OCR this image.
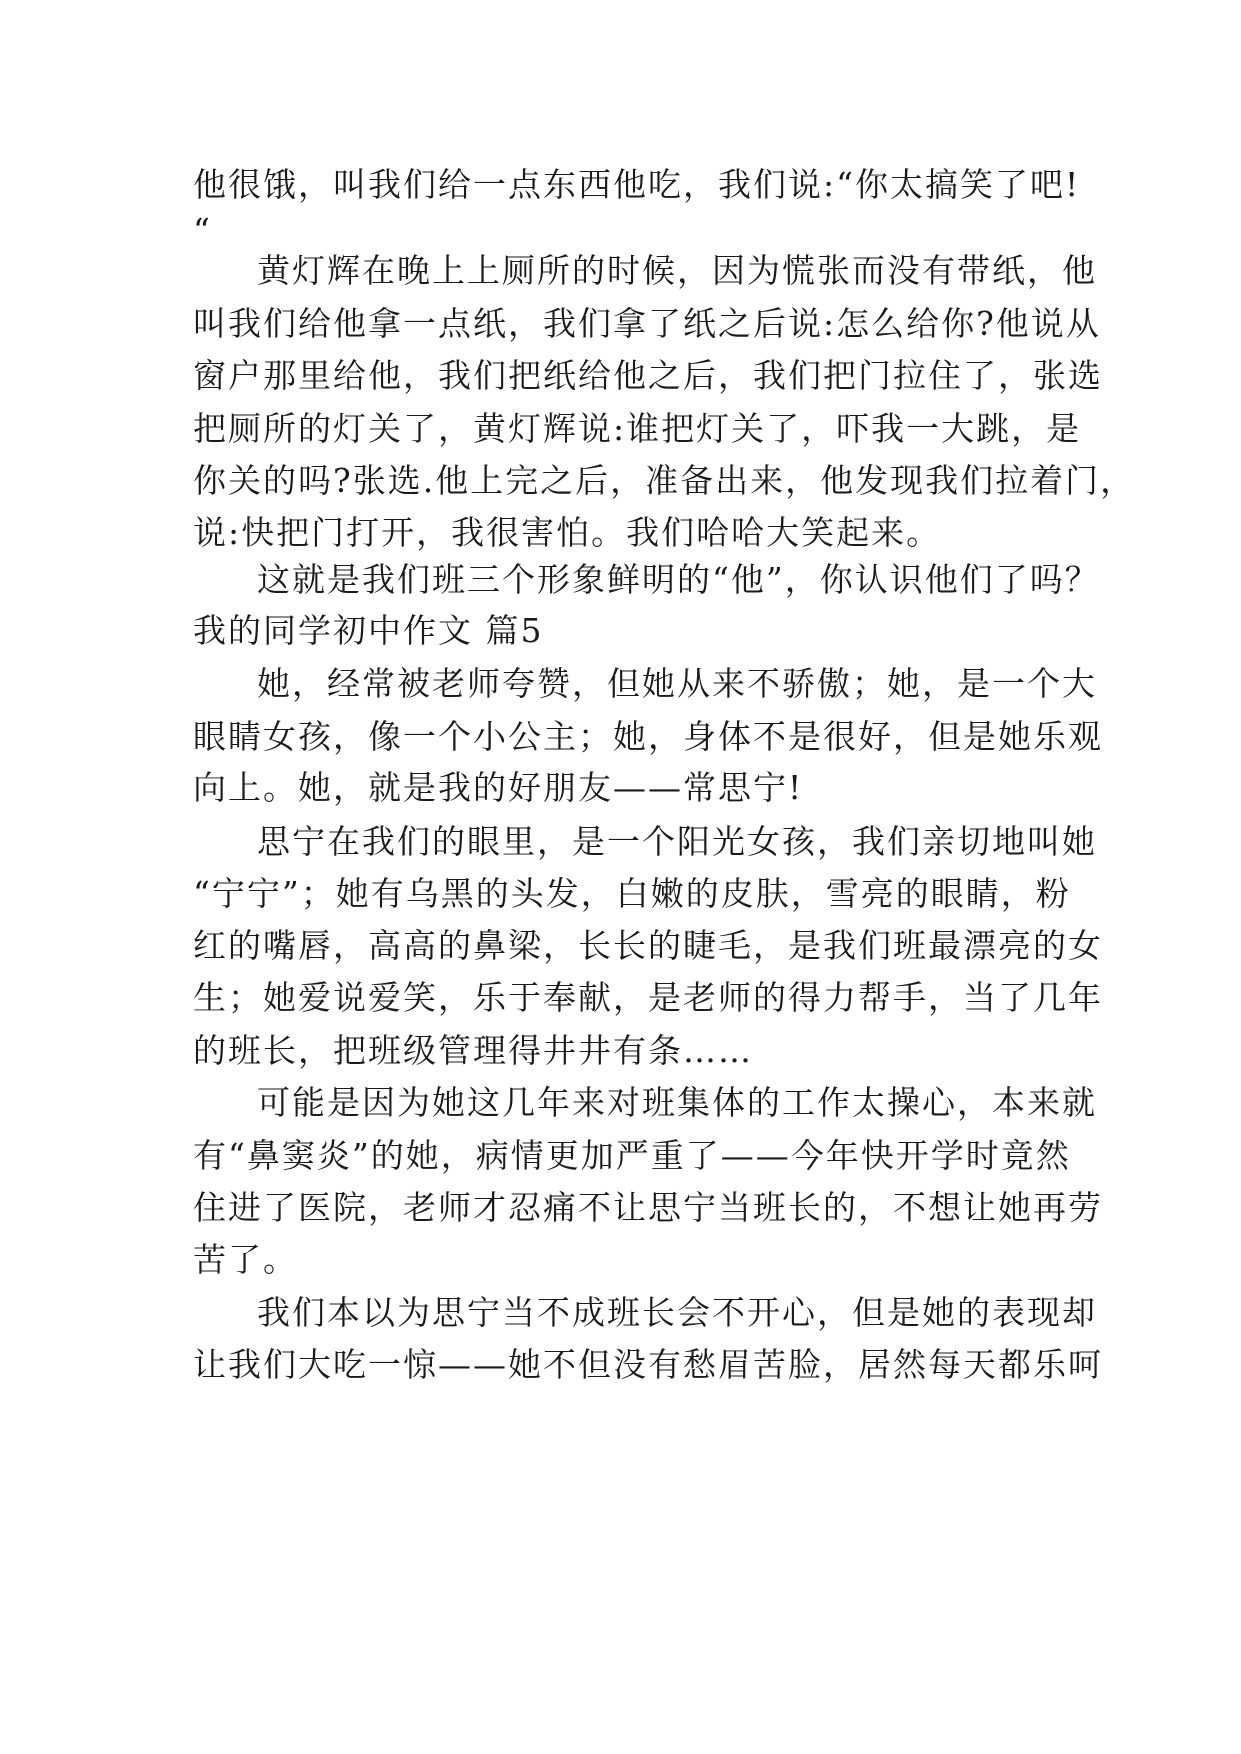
他很饿，叫我们给一点东西他吃，我们说:“你太搞笑了吧!
“
黄灯辉在晚上上厕所的时候，因为慌张而没有带纸，他
叫我们给他拿一点纸，我们拿了纸之后说:怎么给你?他说从
窗户那里给他，我们把纸给他之后，我们把门拉住了，张选
把厕所的灯关了，黄灯辉说:谁把灯关了，吓我一大跳，是
你关的吗?张选.他上完之后，准备出来，他发现我们拉着门，
说:快把门打开，我很害怕。我们哈哈大笑起来。
这就是我们班三个形象鲜明的“他”，你认识他们了吗？
我的同学初中作文 篇5
她，经常被老师夸赞，但她从来不骄傲；她，是一个大
眼睛女孩，像一个小公主；她，身体不是很好，但是她乐观
向上。她，就是我的好朋友——常思宁!
思宁在我们的眼里，是一个阳光女孩，我们亲切地叫她
“宁宁”；她有乌黑的头发，白嫩的皮肤，雪亮的眼睛，粉
红的嘴唇，高高的鼻梁，长长的睫毛，是我们班最漂亮的女
生；她爱说爱笑，乐于奉献，是老师的得力帮手，当了几年
的班长，把班级管理得井井有条……
可能是因为她这几年来对班集体的工作太操心，本来就
有“鼻窦炎”的她，病情更加严重了——今年快开学时竟然
住进了医院，老师才忍痛不让思宁当班长的，不想让她再劳
苦了。
我们本以为思宁当不成班长会不开心，但是她的表现却
让我们大吃一惊——她不但没有愁眉苦脸，居然每天都乐呵
